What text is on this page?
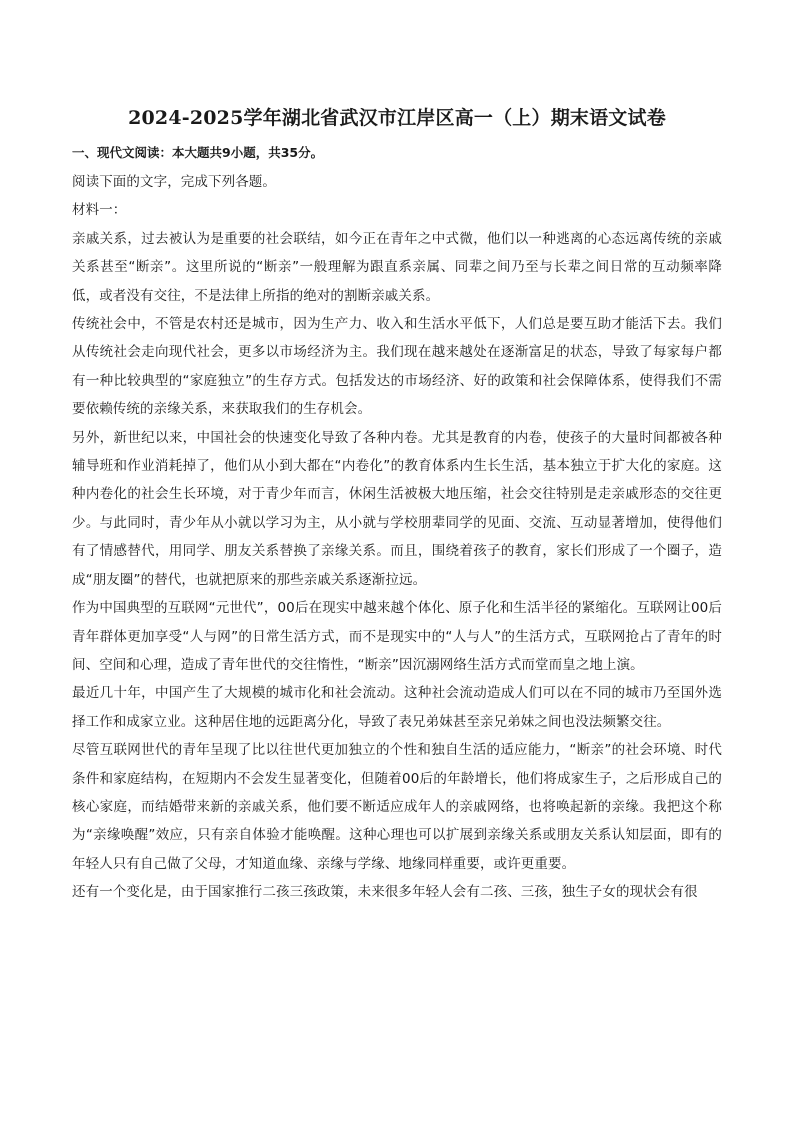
2024-2025学年湖北省武汉市江岸区高一（上）期末语文试卷

一、现代文阅读：本大题共9小题，共35分。

阅读下面的文字，完成下列各题。

材料一：

亲戚关系，过去被认为是重要的社会联结，如今正在青年之中式微，他们以一种逃离的心态远离传统的亲戚关系甚至“断亲”。这里所说的“断亲”一般理解为跟直系亲属、同辈之间乃至与长辈之间日常的互动频率降低，或者没有交往，不是法律上所指的绝对的割断亲戚关系。

传统社会中，不管是农村还是城市，因为生产力、收入和生活水平低下，人们总是要互助才能活下去。我们从传统社会走向现代社会，更多以市场经济为主。我们现在越来越处在逐渐富足的状态，导致了每家每户都有一种比较典型的“家庭独立”的生存方式。包括发达的市场经济、好的政策和社会保障体系，使得我们不需要依赖传统的亲缘关系，来获取我们的生存机会。

另外，新世纪以来，中国社会的快速变化导致了各种内卷。尤其是教育的内卷，使孩子的大量时间都被各种辅导班和作业消耗掉了，他们从小到大都在“内卷化”的教育体系内生长生活，基本独立于扩大化的家庭。这种内卷化的社会生长环境，对于青少年而言，休闲生活被极大地压缩，社会交往特别是走亲戚形态的交往更少。与此同时，青少年从小就以学习为主，从小就与学校朋辈同学的见面、交流、互动显著增加，使得他们有了情感替代，用同学、朋友关系替换了亲缘关系。而且，围绕着孩子的教育，家长们形成了一个圈子，造成“朋友圈”的替代，也就把原来的那些亲戚关系逐渐拉远。

作为中国典型的互联网“元世代”，00后在现实中越来越个体化、原子化和生活半径的紧缩化。互联网让00后青年群体更加享受“人与网”的日常生活方式，而不是现实中的“人与人”的生活方式，互联网抢占了青年的时间、空间和心理，造成了青年世代的交往惰性，“断亲”因沉溺网络生活方式而堂而皇之地上演。

最近几十年，中国产生了大规模的城市化和社会流动。这种社会流动造成人们可以在不同的城市乃至国外选择工作和成家立业。这种居住地的远距离分化，导致了表兄弟妹甚至亲兄弟妹之间也没法频繁交往。

尽管互联网世代的青年呈现了比以往世代更加独立的个性和独自生活的适应能力，“断亲”的社会环境、时代条件和家庭结构，在短期内不会发生显著变化，但随着00后的年龄增长，他们将成家生子，之后形成自己的核心家庭，而结婚带来新的亲戚关系，他们要不断适应成年人的亲戚网络，也将唤起新的亲缘。我把这个称为“亲缘唤醒”效应，只有亲自体验才能唤醒。这种心理也可以扩展到亲缘关系或朋友关系认知层面，即有的年轻人只有自己做了父母，才知道血缘、亲缘与学缘、地缘同样重要，或许更重要。

还有一个变化是，由于国家推行二孩三孩政策，未来很多年轻人会有二孩、三孩，独生子女的现状会有很
